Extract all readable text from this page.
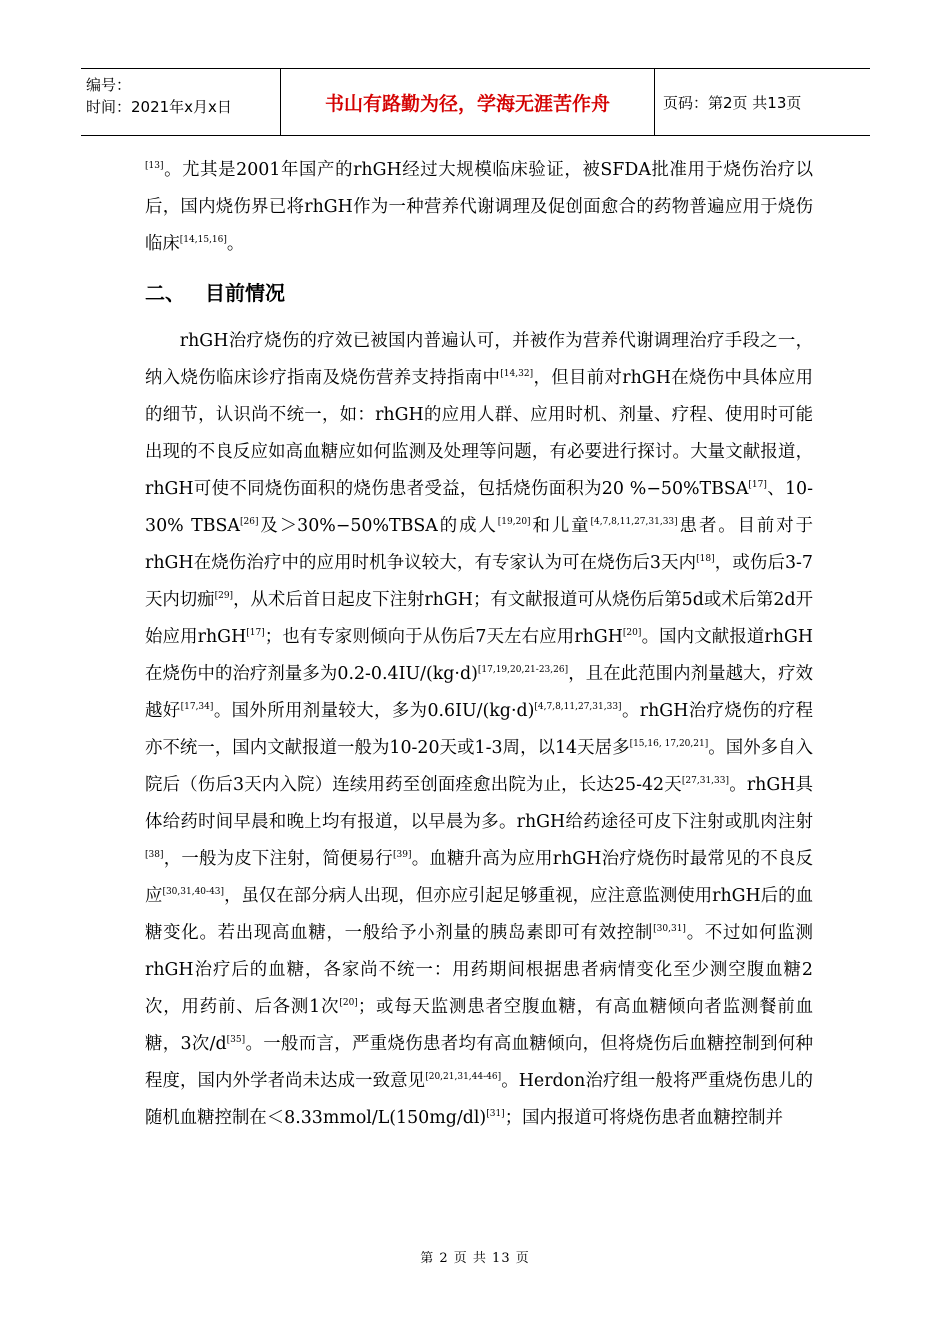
编号：
时间：2021年x月x日	书山有路勤为径，学海无涯苦作舟	页码：第2页 共13页

[13]。尤其是2001年国产的rhGH经过大规模临床验证，被SFDA批准用于烧伤治疗以后，国内烧伤界已将rhGH作为一种营养代谢调理及促创面愈合的药物普遍应用于烧伤临床[14,15,16]。

二、 目前情况

rhGH治疗烧伤的疗效已被国内普遍认可，并被作为营养代谢调理治疗手段之一，纳入烧伤临床诊疗指南及烧伤营养支持指南中[14,32]，但目前对rhGH在烧伤中具体应用的细节，认识尚不统一，如：rhGH的应用人群、应用时机、剂量、疗程、使用时可能出现的不良反应如高血糖应如何监测及处理等问题，有必要进行探讨。大量文献报道，rhGH可使不同烧伤面积的烧伤患者受益，包括烧伤面积为20 %−50%TBSA[17]、10-30% TBSA[26]及＞30%−50%TBSA的成人[19,20]和儿童[4,7,8,11,27,31,33]患者。目前对于rhGH在烧伤治疗中的应用时机争议较大，有专家认为可在烧伤后3天内[18]，或伤后3-7天内切痂[29]，从术后首日起皮下注射rhGH；有文献报道可从烧伤后第5d或术后第2d开始应用rhGH[17]；也有专家则倾向于从伤后7天左右应用rhGH[20]。国内文献报道rhGH在烧伤中的治疗剂量多为0.2-0.4IU/(kg·d)[17,19,20,21-23,26]，且在此范围内剂量越大，疗效越好[17,34]。国外所用剂量较大，多为0.6IU/(kg·d)[4,7,8,11,27,31,33]。rhGH治疗烧伤的疗程亦不统一，国内文献报道一般为10-20天或1-3周，以14天居多[15,16, 17,20,21]。国外多自入院后（伤后3天内入院）连续用药至创面痊愈出院为止，长达25-42天[27,31,33]。rhGH具体给药时间早晨和晚上均有报道，以早晨为多。rhGH给药途径可皮下注射或肌肉注射[38]，一般为皮下注射，简便易行[39]。血糖升高为应用rhGH治疗烧伤时最常见的不良反应[30,31,40-43]，虽仅在部分病人出现，但亦应引起足够重视，应注意监测使用rhGH后的血糖变化。若出现高血糖，一般给予小剂量的胰岛素即可有效控制[30,31]。不过如何监测rhGH治疗后的血糖，各家尚不统一：用药期间根据患者病情变化至少测空腹血糖2次，用药前、后各测1次[20]；或每天监测患者空腹血糖，有高血糖倾向者监测餐前血糖，3次/d[35]。一般而言，严重烧伤患者均有高血糖倾向，但将烧伤后血糖控制到何种程度，国内外学者尚未达成一致意见[20,21,31,44-46]。Herdon治疗组一般将严重烧伤患儿的随机血糖控制在＜8.33mmol/L(150mg/dl)[31]；国内报道可将烧伤患者血糖控制并

第 2 页 共 13 页
